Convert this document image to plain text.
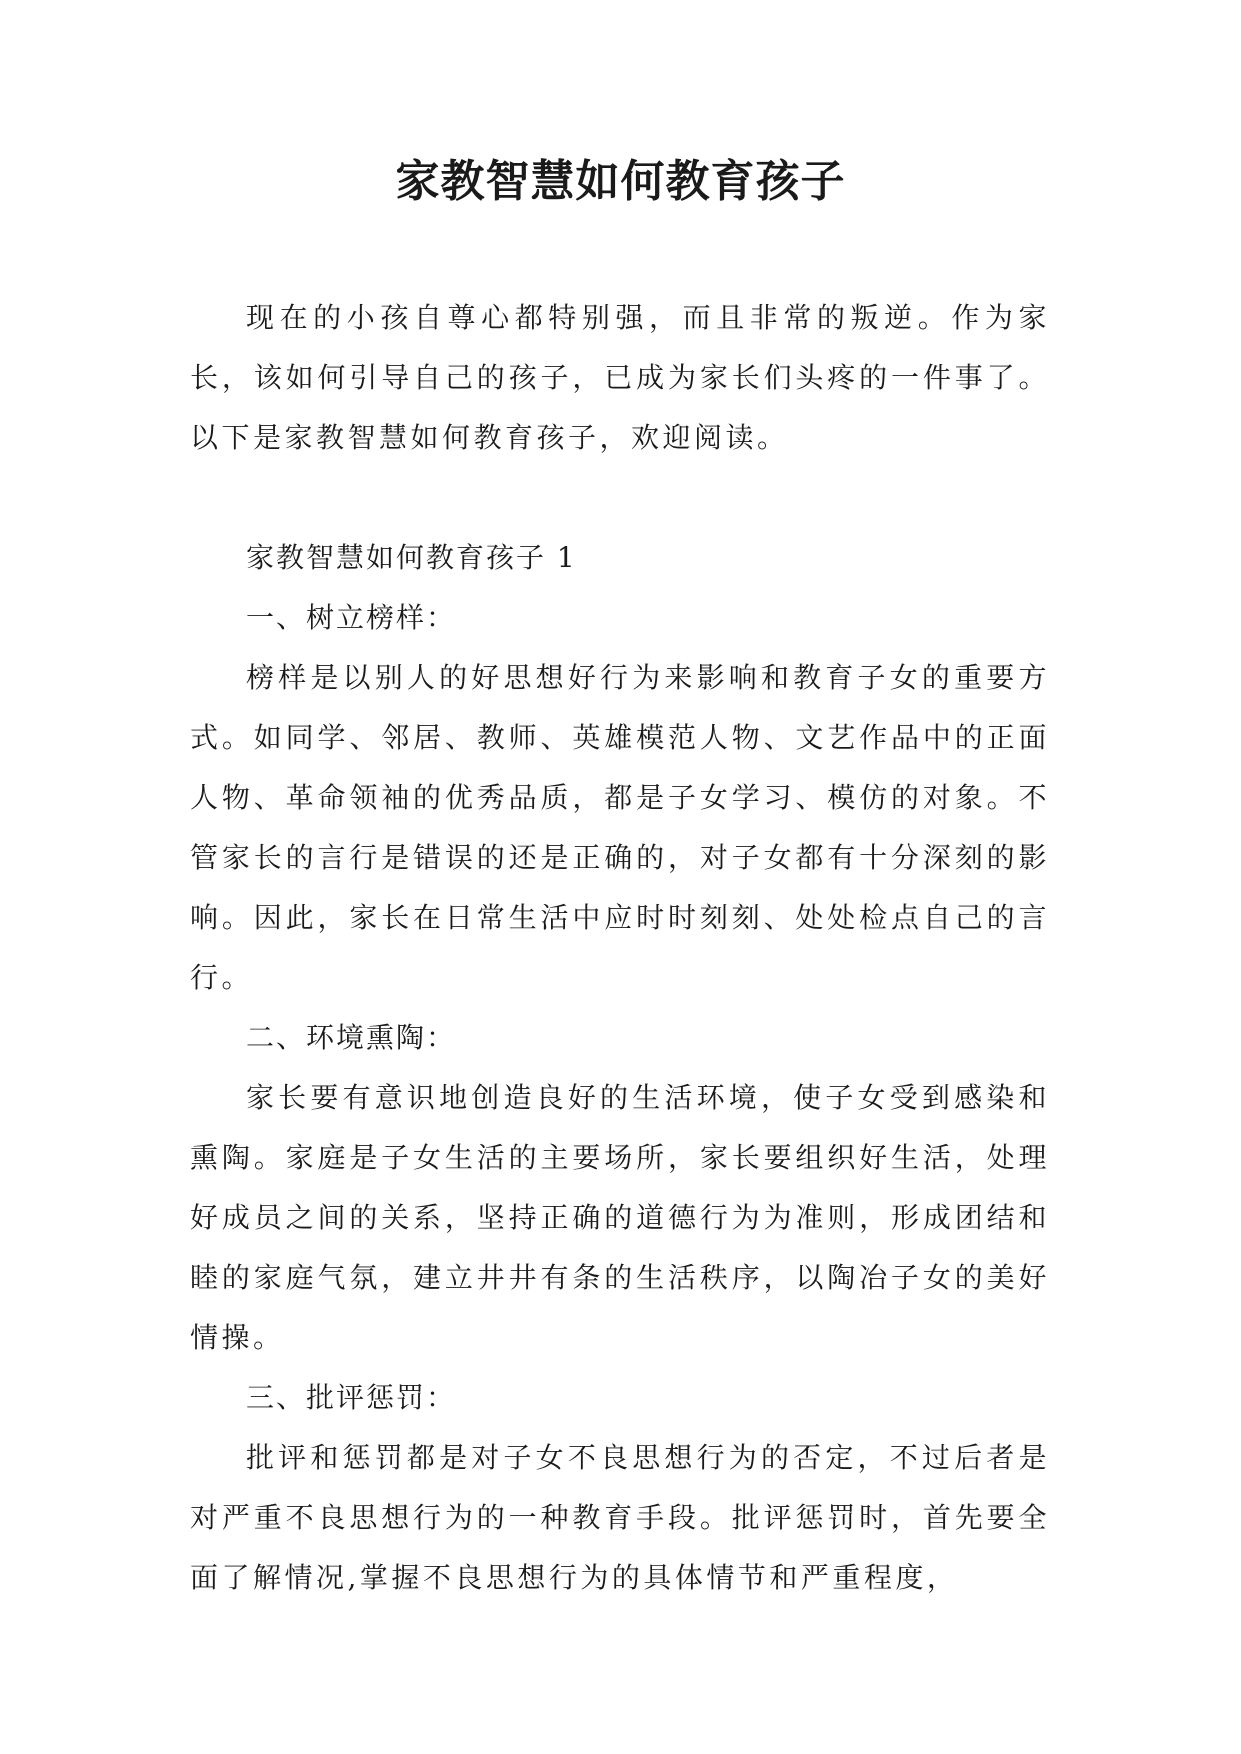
家教智慧如何教育孩子

现在的小孩自尊心都特别强，而且非常的叛逆。作为家长，该如何引导自己的孩子，已成为家长们头疼的一件事了。以下是家教智慧如何教育孩子，欢迎阅读。

家教智慧如何教育孩子 1

一、树立榜样：

榜样是以别人的好思想好行为来影响和教育子女的重要方式。如同学、邻居、教师、英雄模范人物、文艺作品中的正面人物、革命领袖的优秀品质，都是子女学习、模仿的对象。不管家长的言行是错误的还是正确的，对子女都有十分深刻的影响。因此，家长在日常生活中应时时刻刻、处处检点自己的言行。

二、环境熏陶：

家长要有意识地创造良好的生活环境，使子女受到感染和熏陶。家庭是子女生活的主要场所，家长要组织好生活，处理好成员之间的关系，坚持正确的道德行为为准则，形成团结和睦的家庭气氛，建立井井有条的生活秩序，以陶冶子女的美好情操。

三、批评惩罚：

批评和惩罚都是对子女不良思想行为的否定，不过后者是对严重不良思想行为的一种教育手段。批评惩罚时，首先要全面了解情况,掌握不良思想行为的具体情节和严重程度，
